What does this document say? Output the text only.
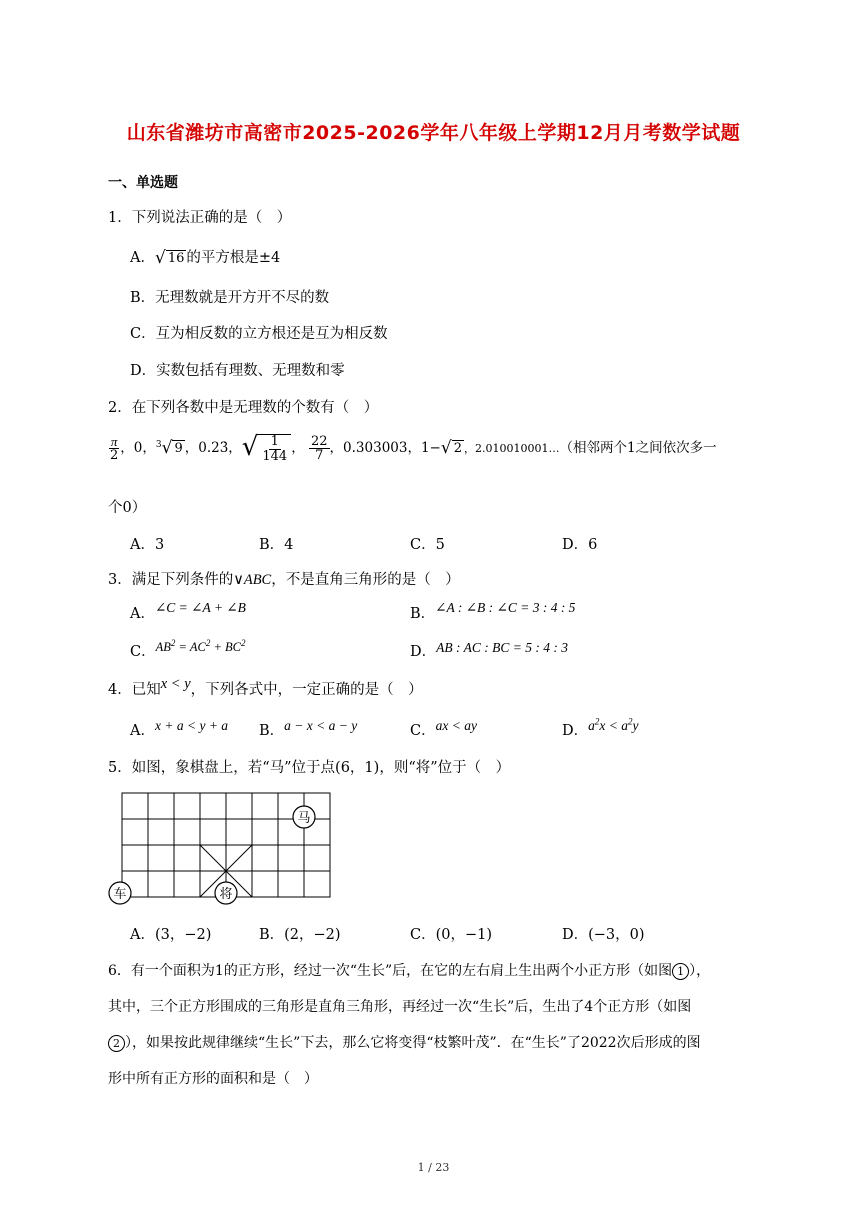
山东省潍坊市高密市2025-2026学年八年级上学期12月月考数学试题
一、单选题
1．下列说法正确的是（　）
A． √ 16 的平方根是±4
B．无理数就是开方开不尽的数
C．互为相反数的立方根还是互为相反数
D．实数包括有理数、无理数和零
2．在下列各数中是无理数的个数有（　）
$\frac{\pi}{2}$ ，0， 3 √ 9 ，0.23， √ $\frac{1}{144}$ ， $\frac{22}{7}$ ，0.303003，1− √ 2 ，2.010010001…（相邻两个1之间依次多一
个0）
A．3	B．4	C．5	D．6
3．满足下列条件的∨ABC，不是直角三角形的是（　）
A．∠C = ∠A + ∠B	B．∠A : ∠B : ∠C = 3 : 4 : 5
C．$AB^2 = AC^2 + BC^2$
D．AB : AC : BC = 5 : 4 : 3
4．已知x < y，下列各式中，一定正确的是（　）
A．x + a < y + a B．a − x < a − y	C．ax < ay	D．$a^2x < a^2y$
5．如图，象棋盘上，若“马”位于点(6，1)，则“将”位于（　）
马
车	将
A．(3，−2)	B．(2，−2)	C．(0，−1)	D．(−3，0)
6．有一个面积为1的正方形，经过一次“生长”后，在它的左右肩上生出两个小正方形（如图 1 ），
其中，三个正方形围成的三角形是直角三角形，再经过一次“生长”后，生出了4个正方形（如图
2 ），如果按此规律继续“生长”下去，那么它将变得“枝繁叶茂”．在“生长”了2022次后形成的图
形中所有正方形的面积和是（　）
1 / 23
